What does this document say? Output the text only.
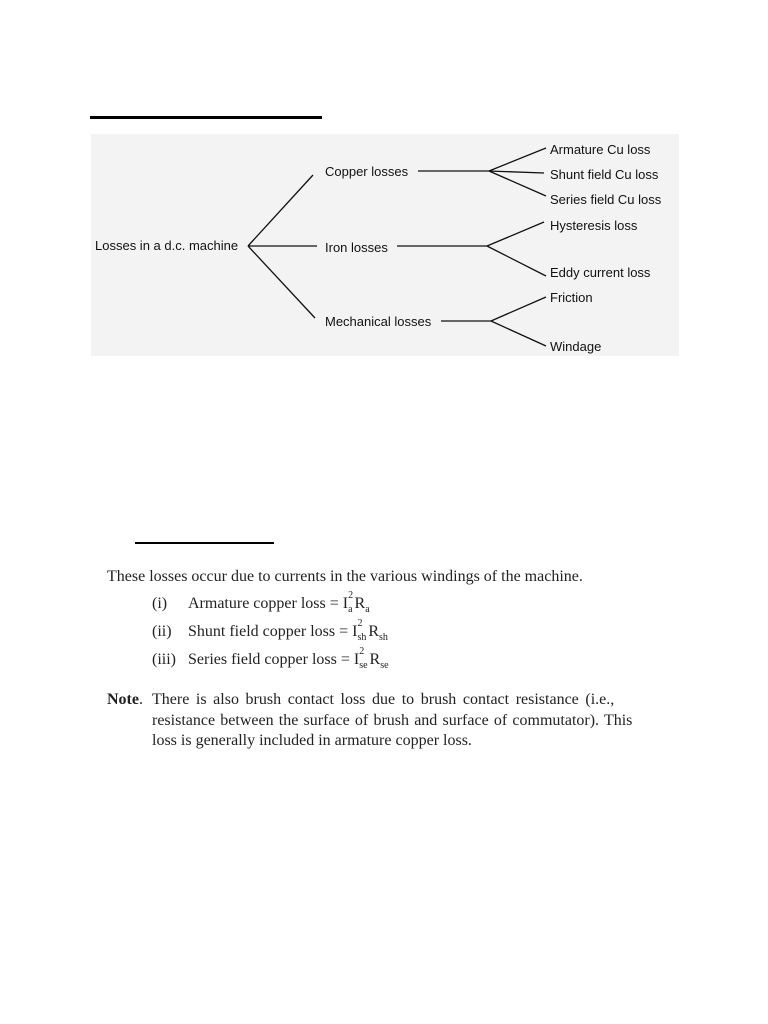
Losses in a d.c. machine
Copper losses
Iron losses
Mechanical losses
Armature Cu loss
Shunt field Cu loss
Series field Cu loss
Hysteresis loss
Eddy current loss
Friction
Windage
These losses occur due to currents in the various windings of the machine.
(i) Armature copper loss = I 2
$_a$ $R_a$
(ii) Shunt field copper loss = I 2
$_{sh}$ $R_{sh}$
(iii) Series field copper loss = I 2
$_{se}$ $R_{se}$
Note. There is also brush contact loss due to brush contact resistance (i.e.,
resistance between the surface of brush and surface of commutator). This
loss is generally included in armature copper loss.
